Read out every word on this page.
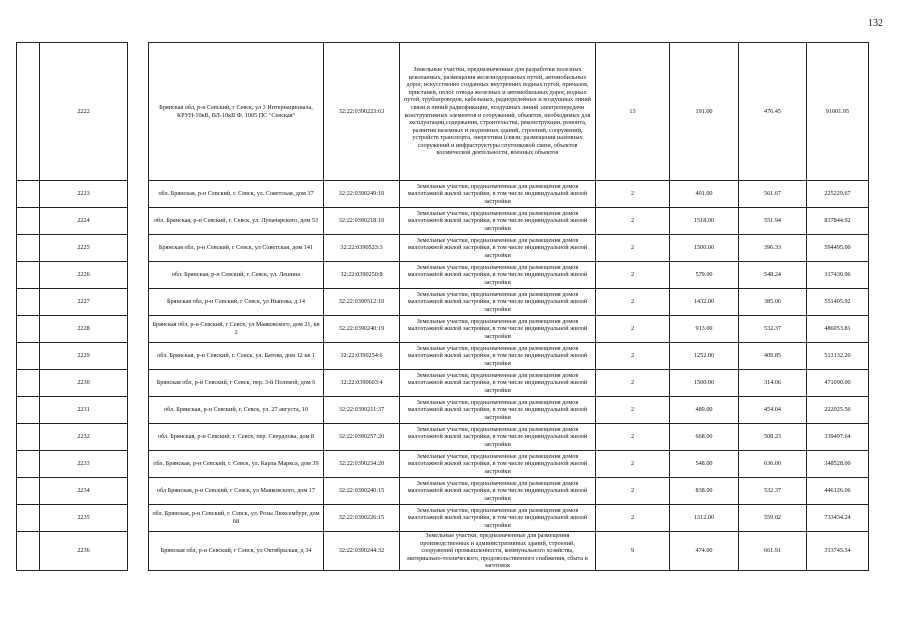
132
	2222		Брянская обл, р-н Севский, г Севск, ул 3 Интернационала, КРУН-10кВ, ВЛ-10кВ Ф. 1005 ПС "Севская"	32:22:0390223:63	Земельные участки, предназначенные для разработки полезных ископаемых, размещения железнодорожных путей, автомобильных дорог, искусственно созданных внутренних водных путей, причалов, пристаней, полос отвода железных и автомобильных дорог, водных путей, трубопроводов, кабельных, радиорелейных и воздушных линий связи и линий радиофикации, воздушных линий электропередачи конструктивных элементов и сооружений, объектов, необходимых для эксплуатации,содержания, строительства, реконструкции, ремонта, развития наземных и подземных зданий, строений, сооружений, устройств транспорта, энергетики (связи; размещения наземных сооружений и инфраструктуры спутниковой связи, объектов космической деятельности, военных объектов	13	191.00	476.45	91001.95
	2223		обл. Брянская, р-н Севский, г. Севск, ул. Советская, дом 37	32:22:0390249:10	Земельные участки, предназначенные для размещения домов малоэтажной жилой застройки, в том числе индивидуальной жилой застройки	2	401.00	561.67	225229.67
	2224		обл. Брянская, р-н Севский, г. Севск, ул. Луначарского, дом 53	32:22:0390218:10	Земельные участки, предназначенные для размещения домов малоэтажной жилой застройки, в том числе индивидуальной жилой застройки	2	1518.00	551.94	837844.92
	2225		Брянская обл, р-н Севский, г Севск, ул Советская, дом 141	32:22:0390523:3	Земельные участки, предназначенные для размещения домов малоэтажной жилой застройки, в том числе индивидуальной жилой застройки	2	1500.00	396.33	594495.00
	2226		обл. Брянская, р-н Севский, г. Севск, ул. Лешина	32:22:0390250:8	Земельные участки, предназначенные для размещения домов малоэтажной жилой застройки, в том числе индивидуальной жилой застройки	2	579.00	548.24	317430.96
	2227		Брянская обл, р-н Севский, г Севск, ул Ныпова, д 14	32:22:0390512:10	Земельные участки, предназначенные для размещения домов малоэтажной жилой застройки, в том числе индивидуальной жилой застройки	2	1432.00	385.06	551405.92
	2228		Брянская обл, р-н Севский, г Севск, ул Маяковского, дом 21, кв 2	32:22:0390240:19	Земельные участки, предназначенные для размещения домов малоэтажной жилой застройки, в том числе индивидуальной жилой застройки	2	913.00	532.37	486053.81
	2229		обл. Брянская, р-н Севский, г. Севск, ул. Батова, дом 12 кв 1	32:22:0390254:6	Земельные участки, предназначенные для размещения домов малоэтажной жилой застройки, в том числе индивидуальной жилой застройки	2	1252.00	409.85	513132.20
	2230		Брянская обл, р-н Севский, г Севск, пер. 3-й Полевой, дом 6	32:22:0390603:4	Земельные участки, предназначенные для размещения домов малоэтажной жилой застройки, в том числе индивидуальной жилой застройки	2	1500.00	314.06	471090.00
	2231		обл. Брянская, р-н Севский, г. Севск, ул. 27 августа, 10	32:22:0390211:37	Земельные участки, предназначенные для размещения домов малоэтажной жилой застройки, в том числе индивидуальной жилой застройки	2	489.00	454.04	222025.56
	2232		обл. Брянская, р-н Севский, г. Севск, пер. Свердлова, дом 8	32:22:0390257:20	Земельные участки, предназначенные для размещения домов малоэтажной жилой застройки, в том числе индивидуальной жилой застройки	2	668.00	508.23	339497.64
	2233		обл. Брянская, р-н Севский, г. Севск, ул. Карла Маркса, дом 39	32:22:0390234:20	Земельные участки, предназначенные для размещения домов малоэтажной жилой застройки, в том числе индивидуальной жилой застройки	2	548.00	636.00	348528.00
	2234		обл Брянская, р-н Севский, г Севск, ул Маяковского, дом 17	32:22:0390240:15	Земельные участки, предназначенные для размещения домов малоэтажной жилой застройки, в том числе индивидуальной жилой застройки	2	838.00	532.37	446126.06
	2235		обл. Брянская, р-н Севский, г. Севск, ул. Розы Люксембург, дом 68	32:22:0390226:15	Земельные участки, предназначенные для размещения домов малоэтажной жилой застройки, в том числе индивидуальной жилой застройки	2	1312.00	559.02	733434.24
	2236		Брянская обл, р-н Севский, г Севск, ул Октябрьская, д 34	32:22:0390244:32	Земельные участки, предназначенные для размещения производственных и административных зданий, строений, сооружений промышленности, коммунального хозяйства, материально-технического, продовольственного снабжения, сбыта и заготовок	9	474.00	661.91	313745.34
